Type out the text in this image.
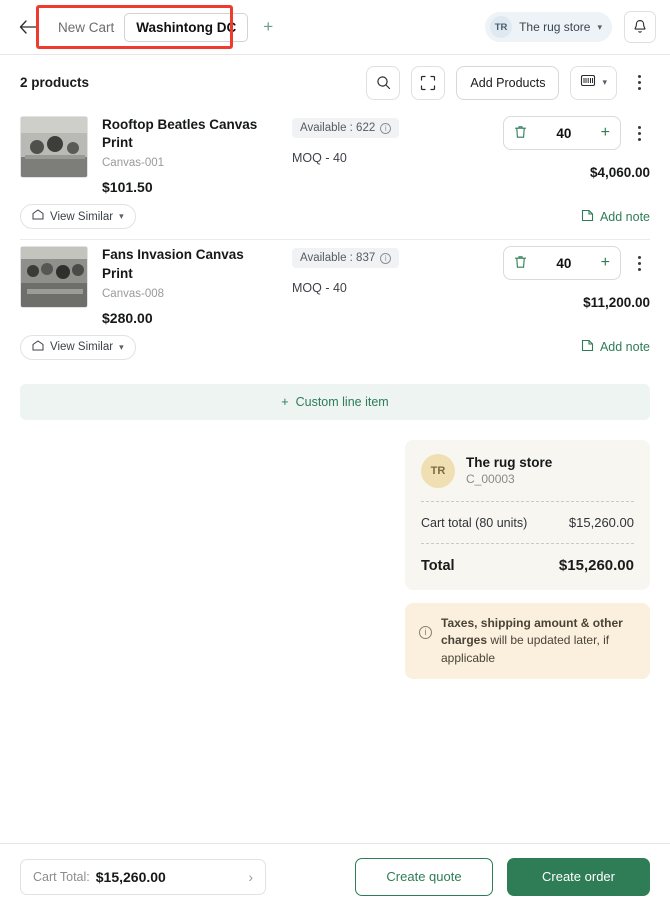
New Cart	Washintong DC	+	TR The rug store ▾
2 products	Add Products	▾
Rooftop Beatles Canvas Print
Canvas-001
$101.50
Available : 622	i
MOQ - 40
40 +
$4,060.00
View Similar ▾	Add note
Fans Invasion Canvas Print
Canvas-008
$280.00
Available : 837	i
MOQ - 40
40 +
$11,200.00
View Similar ▾	Add note
+ Custom line item
TR
The rug store
C_00003
Cart total (80 units)	$15,260.00
Total	$15,260.00
i
Taxes, shipping amount & other charges will be updated later, if applicable
Cart Total: $15,260.00	›	Create quote	Create order
